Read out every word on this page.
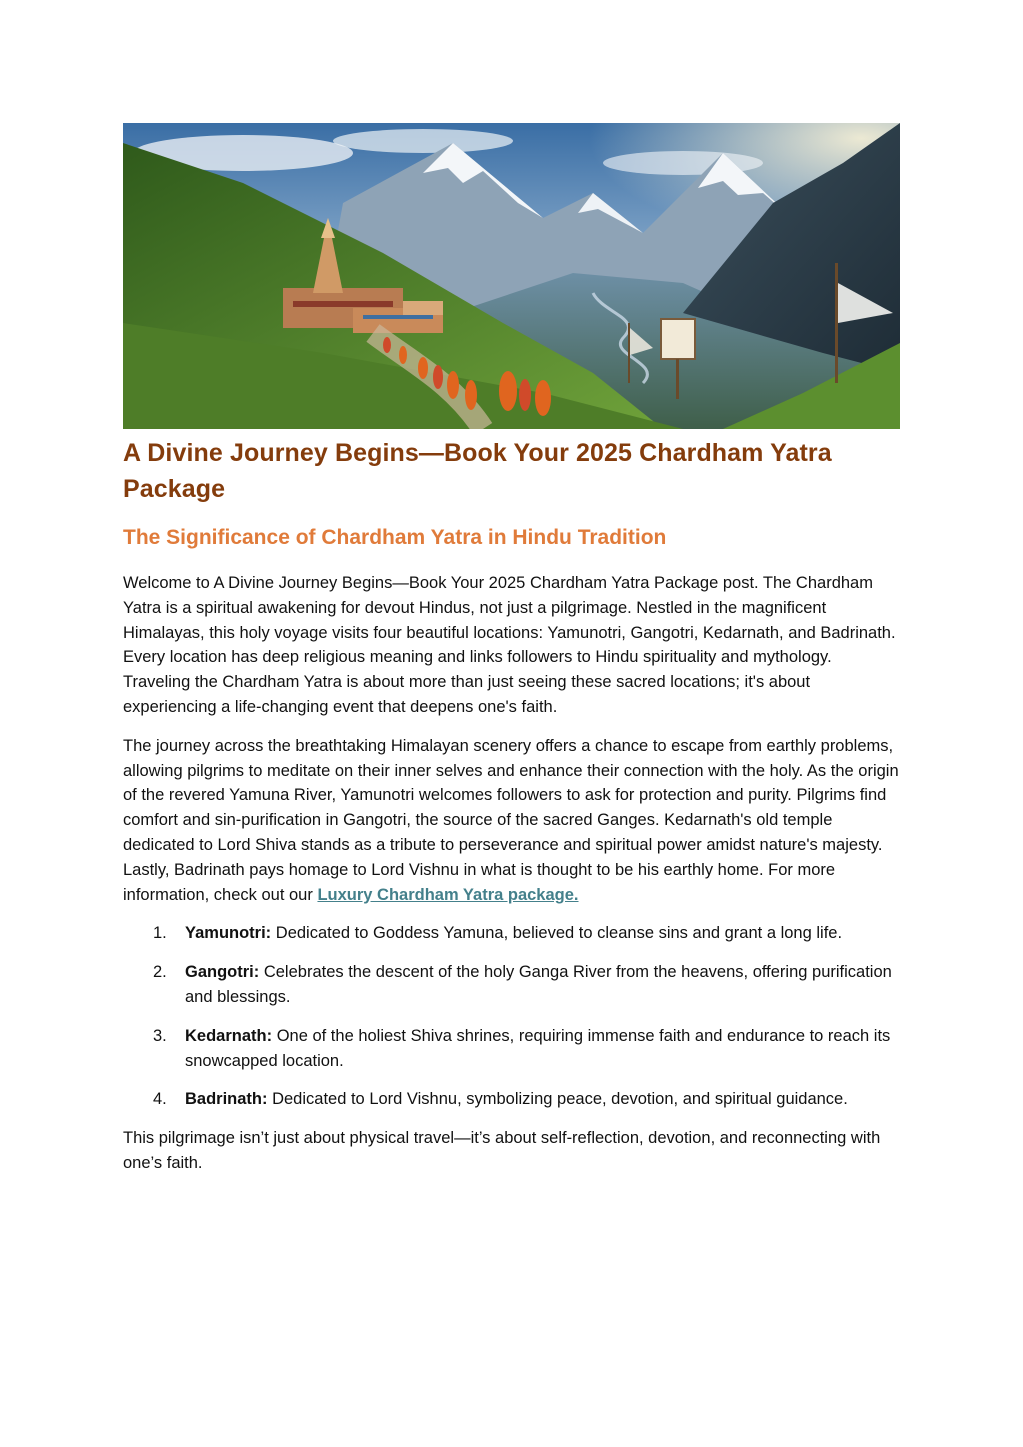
A Divine Journey Begins—Book Your 2025 Chardham Yatra Package
The Significance of Chardham Yatra in Hindu Tradition

Welcome to A Divine Journey Begins—Book Your 2025 Chardham Yatra Package post. The Chardham Yatra is a spiritual awakening for devout Hindus, not just a pilgrimage. Nestled in the magnificent Himalayas, this holy voyage visits four beautiful locations: Yamunotri, Gangotri, Kedarnath, and Badrinath. Every location has deep religious meaning and links followers to Hindu spirituality and mythology. Traveling the Chardham Yatra is about more than just seeing these sacred locations; it's about experiencing a life-changing event that deepens one's faith.

The journey across the breathtaking Himalayan scenery offers a chance to escape from earthly problems, allowing pilgrims to meditate on their inner selves and enhance their connection with the holy. As the origin of the revered Yamuna River, Yamunotri welcomes followers to ask for protection and purity. Pilgrims find comfort and sin-purification in Gangotri, the source of the sacred Ganges. Kedarnath's old temple dedicated to Lord Shiva stands as a tribute to perseverance and spiritual power amidst nature's majesty. Lastly, Badrinath pays homage to Lord Vishnu in what is thought to be his earthly home. For more information, check out our Luxury Chardham Yatra package.

1. Yamunotri: Dedicated to Goddess Yamuna, believed to cleanse sins and grant a long life.
2. Gangotri: Celebrates the descent of the holy Ganga River from the heavens, offering purification and blessings.
3. Kedarnath: One of the holiest Shiva shrines, requiring immense faith and endurance to reach its snowcapped location.
4. Badrinath: Dedicated to Lord Vishnu, symbolizing peace, devotion, and spiritual guidance.

This pilgrimage isn’t just about physical travel—it’s about self-reflection, devotion, and reconnecting with one’s faith.
